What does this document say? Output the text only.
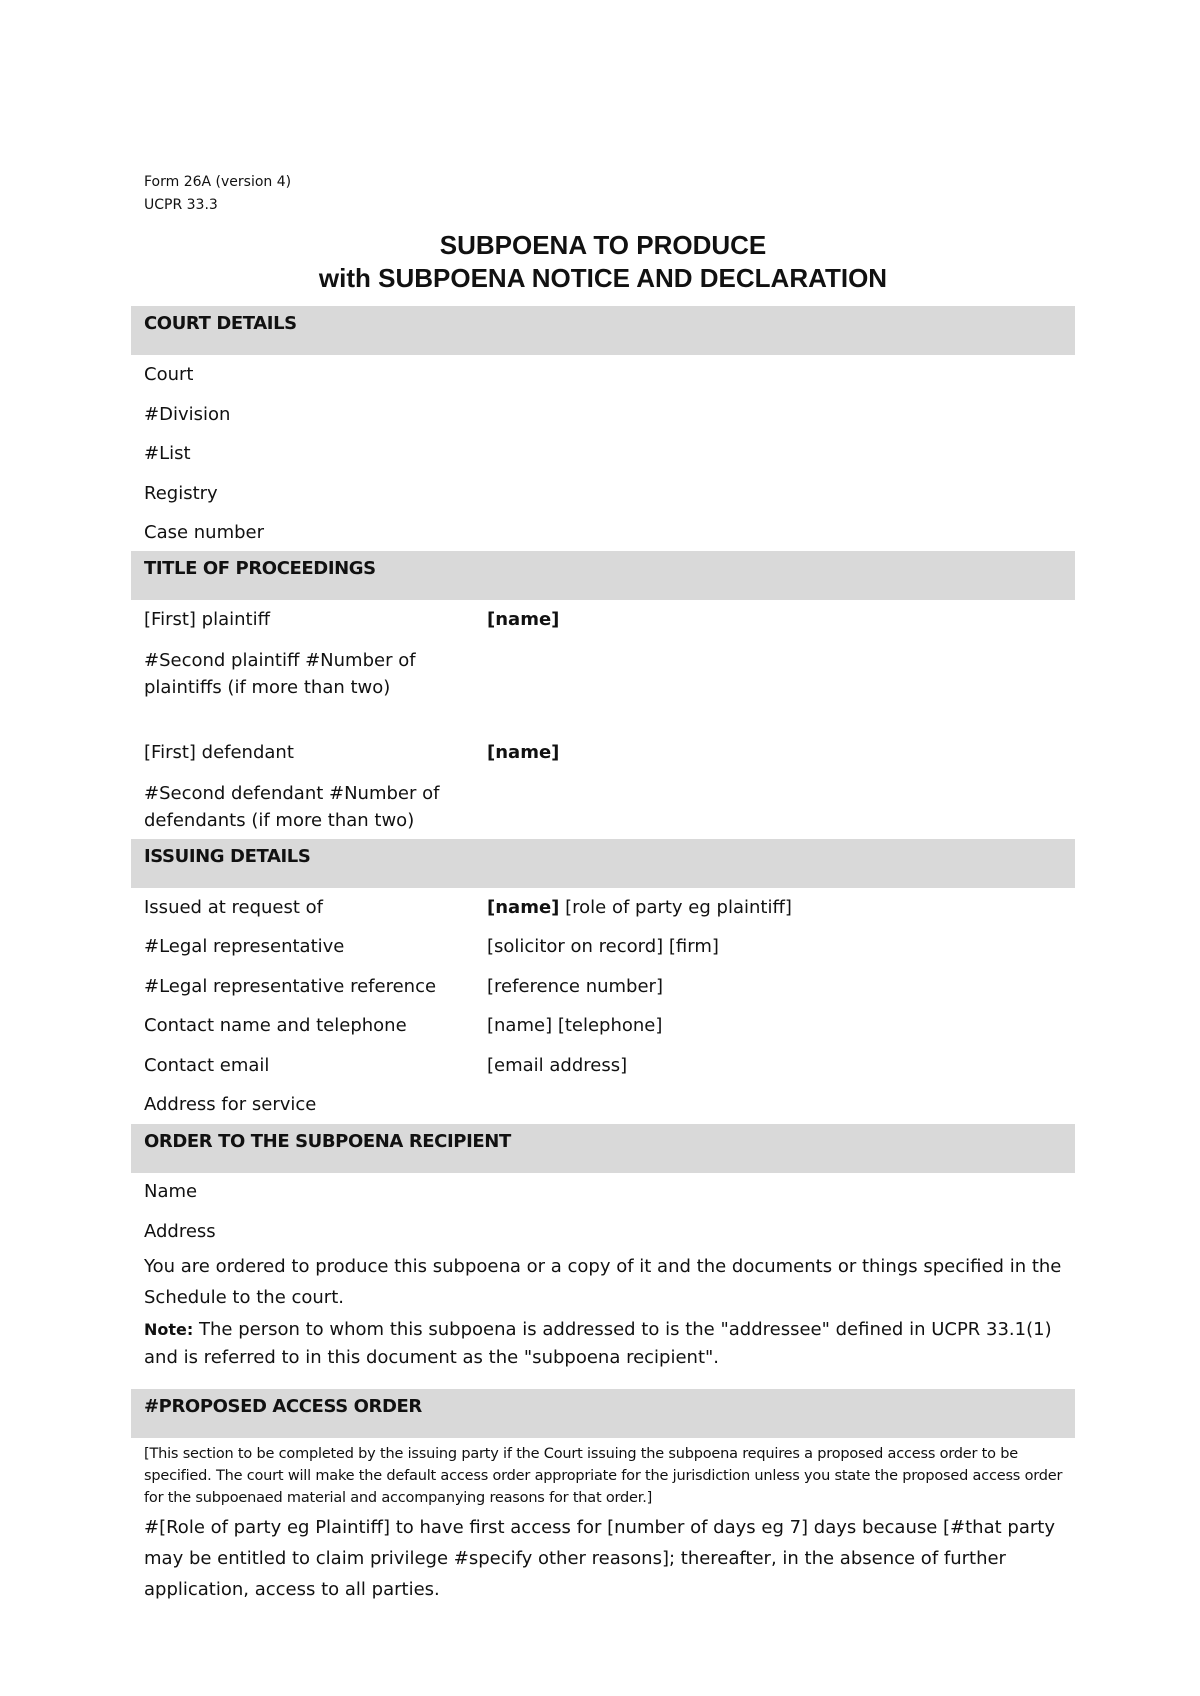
Form 26A (version 4)
UCPR 33.3
SUBPOENA TO PRODUCE
with SUBPOENA NOTICE AND DECLARATION
COURT DETAILS
Court
#Division
#List
Registry
Case number
TITLE OF PROCEEDINGS
[First] plaintiff	[name]
#Second plaintiff #Number of plaintiffs (if more than two)
[First] defendant	[name]
#Second defendant #Number of defendants (if more than two)
ISSUING DETAILS
Issued at request of	[name] [role of party eg plaintiff]
#Legal representative	[solicitor on record] [firm]
#Legal representative reference	[reference number]
Contact name and telephone	[name] [telephone]
Contact email	[email address]
Address for service
ORDER TO THE SUBPOENA RECIPIENT
Name
Address
You are ordered to produce this subpoena or a copy of it and the documents or things specified in the Schedule to the court.
Note: The person to whom this subpoena is addressed to is the "addressee" defined in UCPR 33.1(1) and is referred to in this document as the "subpoena recipient".
#PROPOSED ACCESS ORDER
[This section to be completed by the issuing party if the Court issuing the subpoena requires a proposed access order to be specified. The court will make the default access order appropriate for the jurisdiction unless you state the proposed access order for the subpoenaed material and accompanying reasons for that order.]
#[Role of party eg Plaintiff] to have first access for [number of days eg 7] days because [#that party may be entitled to claim privilege #specify other reasons]; thereafter, in the absence of further application, access to all parties.
